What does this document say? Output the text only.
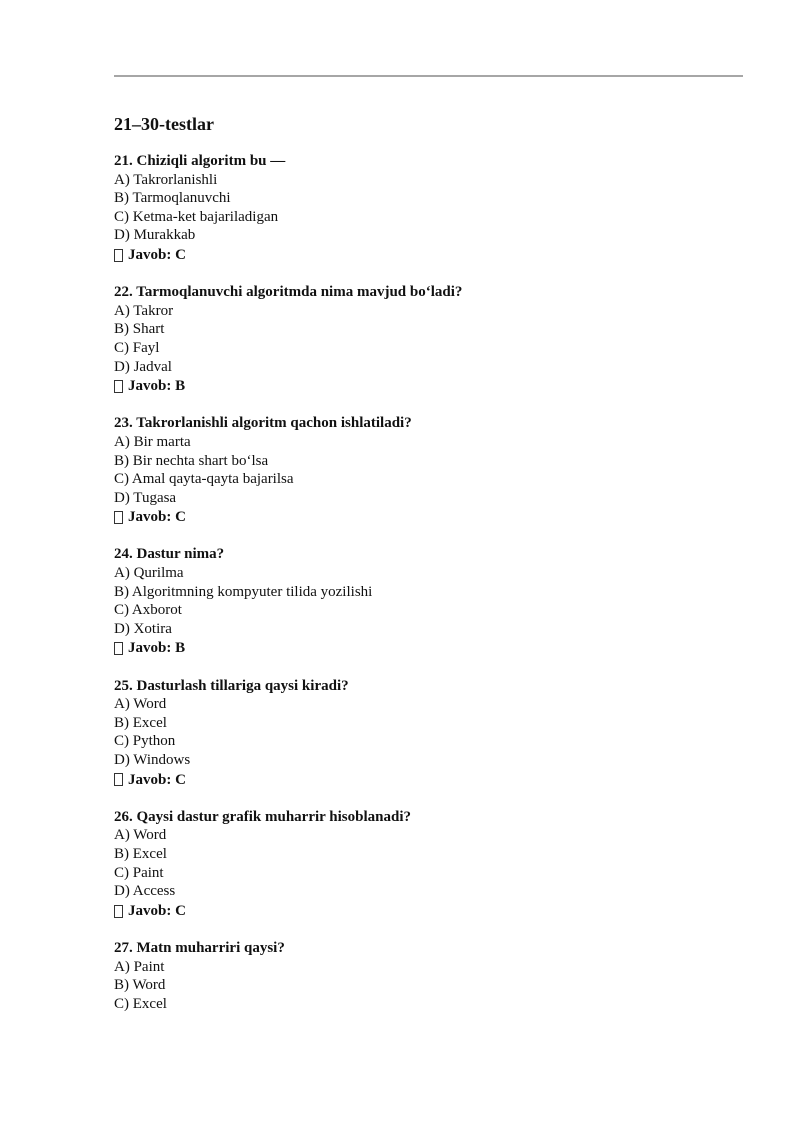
21–30-testlar

21. Chiziqli algoritm bu —

A) Takrorlanishli

B) Tarmoqlanuvchi

C) Ketma-ket bajariladigan

D) Murakkab

Javob: C

22. Tarmoqlanuvchi algoritmda nima mavjud bo‘ladi?

A) Takror

B) Shart

C) Fayl

D) Jadval

Javob: B

23. Takrorlanishli algoritm qachon ishlatiladi?

A) Bir marta

B) Bir nechta shart bo‘lsa

C) Amal qayta-qayta bajarilsa

D) Tugasa

Javob: C

24. Dastur nima?

A) Qurilma

B) Algoritmning kompyuter tilida yozilishi

C) Axborot

D) Xotira

Javob: B

25. Dasturlash tillariga qaysi kiradi?

A) Word

B) Excel

C) Python

D) Windows

Javob: C

26. Qaysi dastur grafik muharrir hisoblanadi?

A) Word

B) Excel

C) Paint

D) Access

Javob: C

27. Matn muharriri qaysi?

A) Paint

B) Word

C) Excel
